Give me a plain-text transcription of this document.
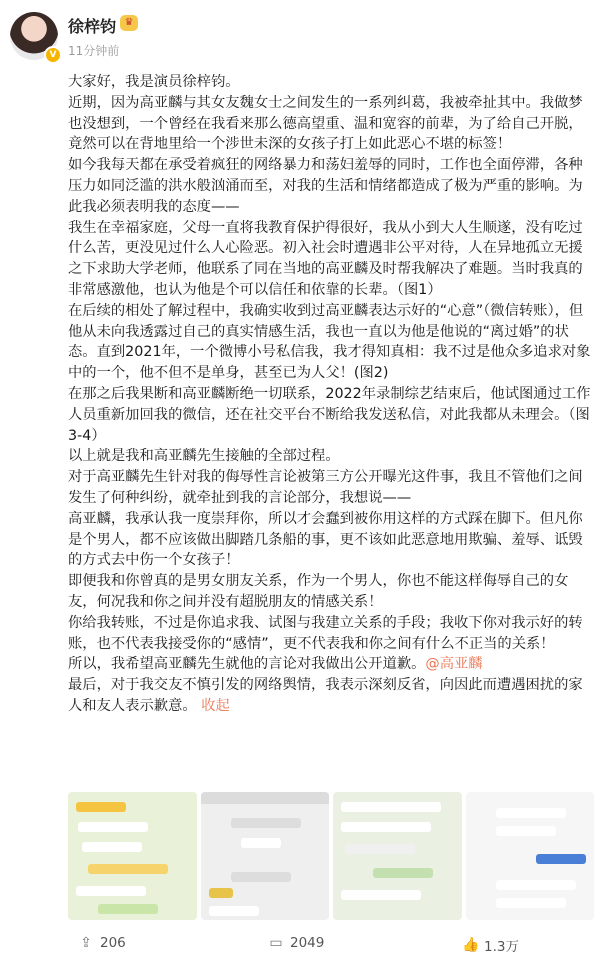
V
徐梓钧 ♛
11分钟前

大家好，我是演员徐梓钧。

近期，因为高亚麟与其女友魏女士之间发生的一系列纠葛，我被牵扯其中。我做梦也没想到，一个曾经在我看来那么德高望重、温和宽容的前辈，为了给自己开脱，竟然可以在背地里给一个涉世未深的女孩子打上如此恶心不堪的标签！

如今我每天都在承受着疯狂的网络暴力和荡妇羞辱的同时，工作也全面停滞，各种压力如同泛滥的洪水般汹涌而至，对我的生活和情绪都造成了极为严重的影响。为此我必须表明我的态度——

我生在幸福家庭，父母一直将我教育保护得很好，我从小到大人生顺遂，没有吃过什么苦，更没见过什么人心险恶。初入社会时遭遇非公平对待，人在异地孤立无援之下求助大学老师，他联系了同在当地的高亚麟及时帮我解决了难题。当时我真的非常感激他，也认为他是个可以信任和依靠的长辈。（图1）

在后续的相处了解过程中，我确实收到过高亚麟表达示好的“心意”（微信转账），但他从未向我透露过自己的真实情感生活，我也一直以为他是他说的“离过婚”的状态。直到2021年，一个微博小号私信我，我才得知真相：我不过是他众多追求对象中的一个，他不但不是单身，甚至已为人父！(图2)

在那之后我果断和高亚麟断绝一切联系，2022年录制综艺结束后，他试图通过工作人员重新加回我的微信，还在社交平台不断给我发送私信，对此我都从未理会。（图3-4）

以上就是我和高亚麟先生接触的全部过程。

对于高亚麟先生针对我的侮辱性言论被第三方公开曝光这件事，我且不管他们之间发生了何种纠纷，就牵扯到我的言论部分，我想说——

高亚麟，我承认我一度崇拜你，所以才会蠢到被你用这样的方式踩在脚下。但凡你是个男人，都不应该做出脚踏几条船的事，更不该如此恶意地用欺骗、羞辱、诋毁的方式去中伤一个女孩子！

即便我和你曾真的是男女朋友关系，作为一个男人，你也不能这样侮辱自己的女友，何况我和你之间并没有超脱朋友的情感关系！

你给我转账，不过是你追求我、试图与我建立关系的手段；我收下你对我示好的转账，也不代表我接受你的“感情”，更不代表我和你之间有什么不正当的关系！

所以，我希望高亚麟先生就他的言论对我做出公开道歉。@高亚麟

最后，对于我交友不慎引发的网络舆情，我表示深刻反省，向因此而遭遇困扰的家人和友人表示歉意。 收起

⇪ 206	▭ 2049	👍 1.3万
